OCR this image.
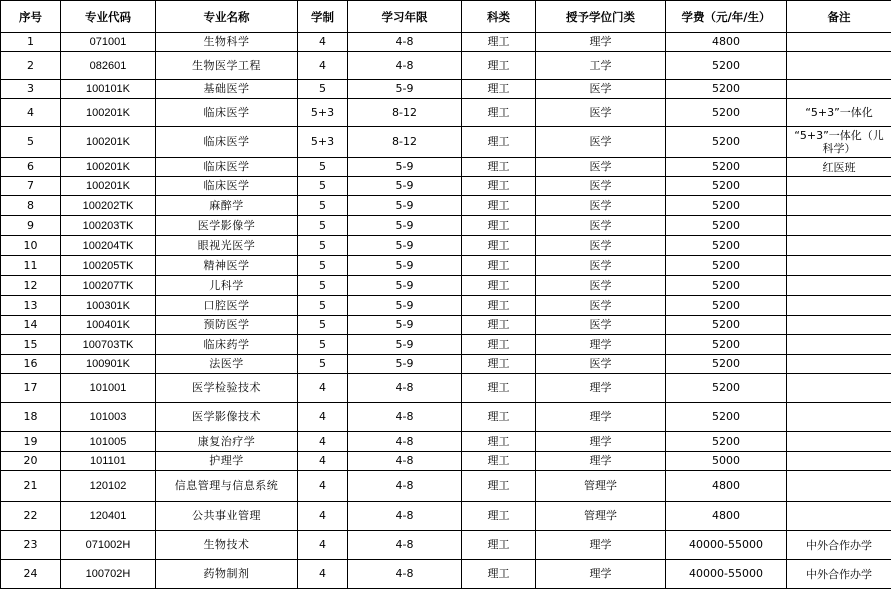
序号	专业代码	专业名称	学制	学习年限	科类	授予学位门类	学费（元/年/生）	备注
1	071001	生物科学	4	4-8	理工	理学	4800	
2	082601	生物医学工程	4	4-8	理工	工学	5200	
3	100101K	基础医学	5	5-9	理工	医学	5200	
4	100201K	临床医学	5+3	8-12	理工	医学	5200	“5+3”一体化
5	100201K	临床医学	5+3	8-12	理工	医学	5200	“5+3”一体化（儿科学）
6	100201K	临床医学	5	5-9	理工	医学	5200	红医班
7	100201K	临床医学	5	5-9	理工	医学	5200	
8	100202TK	麻醉学	5	5-9	理工	医学	5200	
9	100203TK	医学影像学	5	5-9	理工	医学	5200	
10	100204TK	眼视光医学	5	5-9	理工	医学	5200	
11	100205TK	精神医学	5	5-9	理工	医学	5200	
12	100207TK	儿科学	5	5-9	理工	医学	5200	
13	100301K	口腔医学	5	5-9	理工	医学	5200	
14	100401K	预防医学	5	5-9	理工	医学	5200	
15	100703TK	临床药学	5	5-9	理工	理学	5200	
16	100901K	法医学	5	5-9	理工	医学	5200	
17	101001	医学检验技术	4	4-8	理工	理学	5200	
18	101003	医学影像技术	4	4-8	理工	理学	5200	
19	101005	康复治疗学	4	4-8	理工	理学	5200	
20	101101	护理学	4	4-8	理工	理学	5000	
21	120102	信息管理与信息系统	4	4-8	理工	管理学	4800	
22	120401	公共事业管理	4	4-8	理工	管理学	4800	
23	071002H	生物技术	4	4-8	理工	理学	40000-55000	中外合作办学
24	100702H	药物制剂	4	4-8	理工	理学	40000-55000	中外合作办学
